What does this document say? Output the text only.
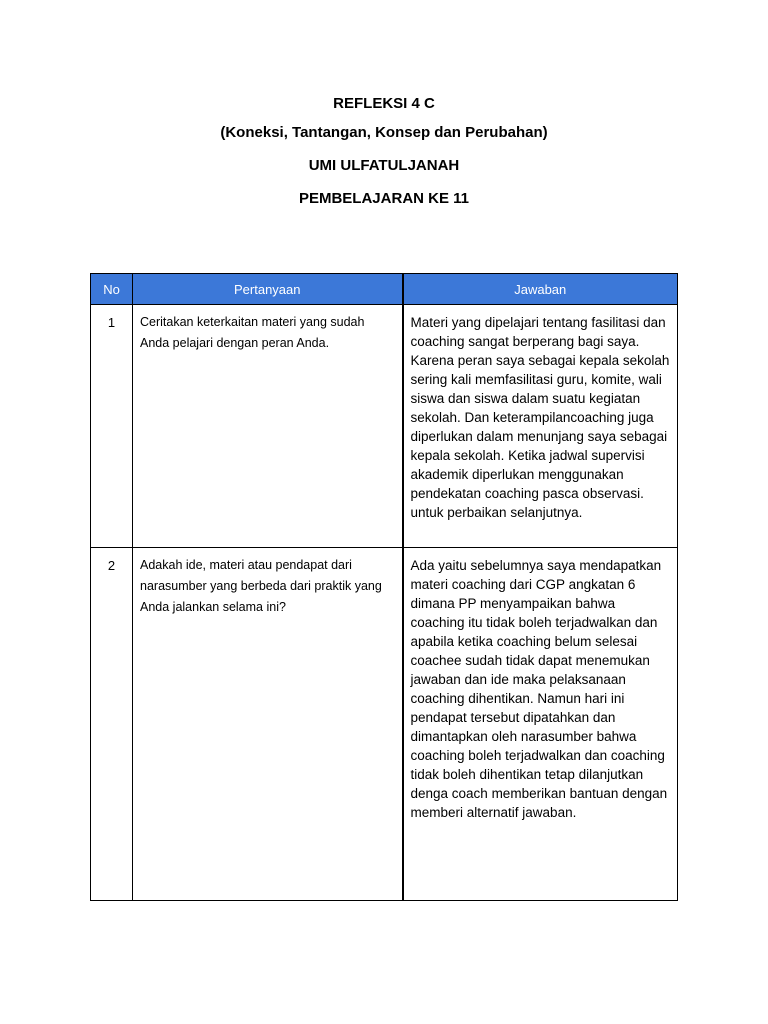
REFLEKSI 4 C
(Koneksi, Tantangan, Konsep dan Perubahan)
UMI ULFATULJANAH
PEMBELAJARAN KE 11
No	Pertanyaan	Jawaban
1	Ceritakan keterkaitan materi yang sudah Anda pelajari dengan peran Anda.	Materi yang dipelajari tentang fasilitasi dan coaching sangat berperang bagi saya. Karena peran saya sebagai kepala sekolah sering kali memfasilitasi guru, komite, wali siswa dan siswa dalam suatu kegiatan sekolah. Dan keterampilancoaching juga diperlukan dalam menunjang saya sebagai kepala sekolah. Ketika jadwal supervisi akademik diperlukan menggunakan pendekatan coaching pasca observasi. untuk perbaikan selanjutnya.
2	Adakah ide, materi atau pendapat dari narasumber yang berbeda dari praktik yang Anda jalankan selama ini?	Ada yaitu sebelumnya saya mendapatkan materi coaching dari CGP angkatan 6 dimana PP menyampaikan bahwa coaching itu tidak boleh terjadwalkan dan apabila ketika coaching belum selesai coachee sudah tidak dapat menemukan jawaban dan ide maka pelaksanaan coaching dihentikan. Namun hari ini pendapat tersebut dipatahkan dan dimantapkan oleh narasumber bahwa coaching boleh terjadwalkan dan coaching tidak boleh dihentikan tetap dilanjutkan denga coach memberikan bantuan dengan memberi alternatif jawaban.
